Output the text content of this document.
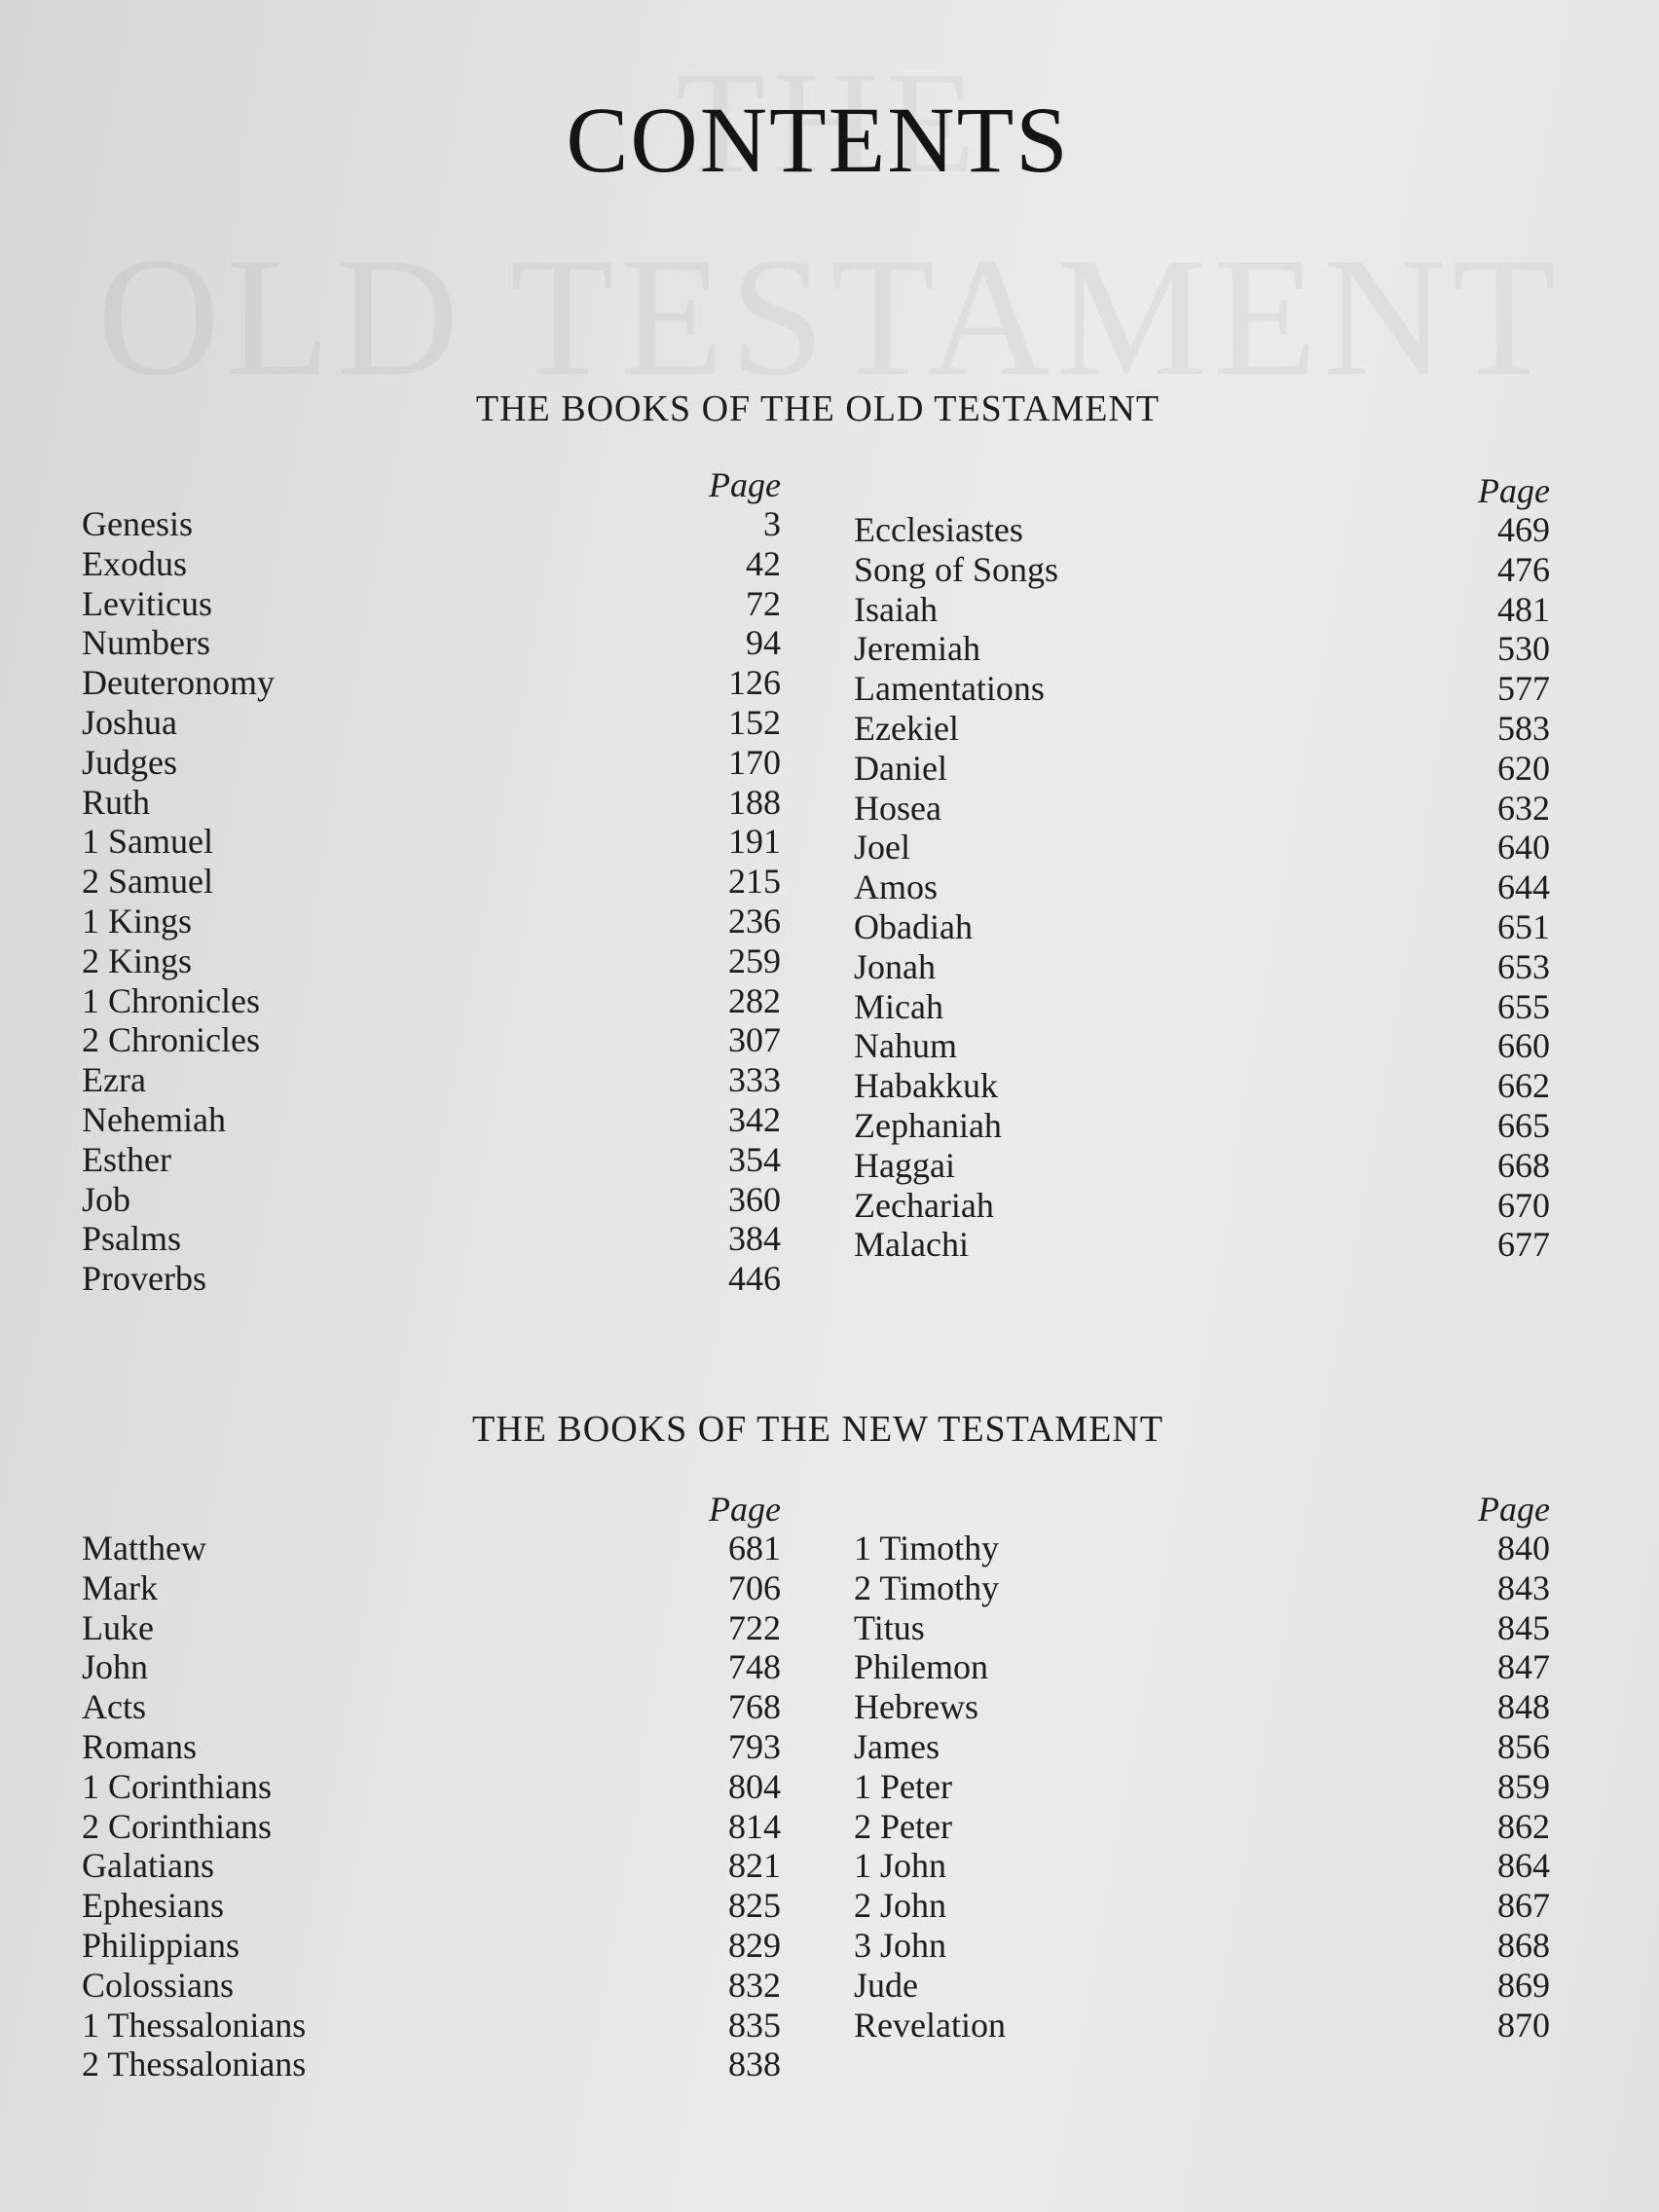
CONTENTS
THE BOOKS OF THE OLD TESTAMENT
Page
Genesis	3
Exodus	42
Leviticus	72
Numbers	94
Deuteronomy	126
Joshua	152
Judges	170
Ruth	188
1 Samuel	191
2 Samuel	215
1 Kings	236
2 Kings	259
1 Chronicles	282
2 Chronicles	307
Ezra	333
Nehemiah	342
Esther	354
Job	360
Psalms	384
Proverbs	446
Page
Ecclesiastes	469
Song of Songs	476
Isaiah	481
Jeremiah	530
Lamentations	577
Ezekiel	583
Daniel	620
Hosea	632
Joel	640
Amos	644
Obadiah	651
Jonah	653
Micah	655
Nahum	660
Habakkuk	662
Zephaniah	665
Haggai	668
Zechariah	670
Malachi	677
THE BOOKS OF THE NEW TESTAMENT
Page
Matthew	681
Mark	706
Luke	722
John	748
Acts	768
Romans	793
1 Corinthians	804
2 Corinthians	814
Galatians	821
Ephesians	825
Philippians	829
Colossians	832
1 Thessalonians	835
2 Thessalonians	838
Page
1 Timothy	840
2 Timothy	843
Titus	845
Philemon	847
Hebrews	848
James	856
1 Peter	859
2 Peter	862
1 John	864
2 John	867
3 John	868
Jude	869
Revelation	870
